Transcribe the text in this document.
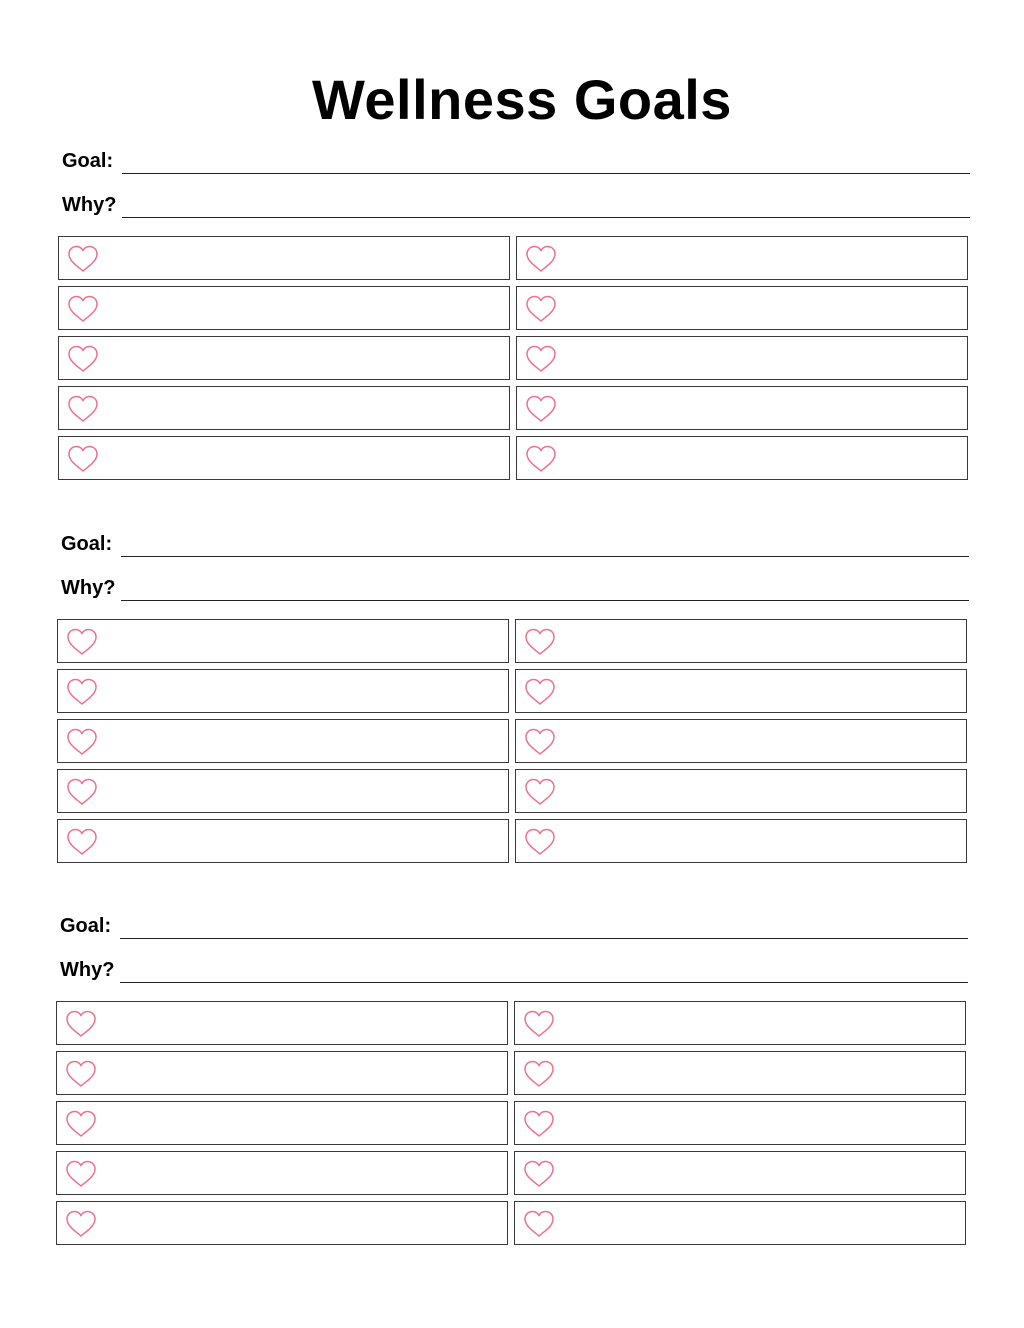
Wellness Goals
Goal:
Why?
Goal:
Why?
Goal:
Why?
